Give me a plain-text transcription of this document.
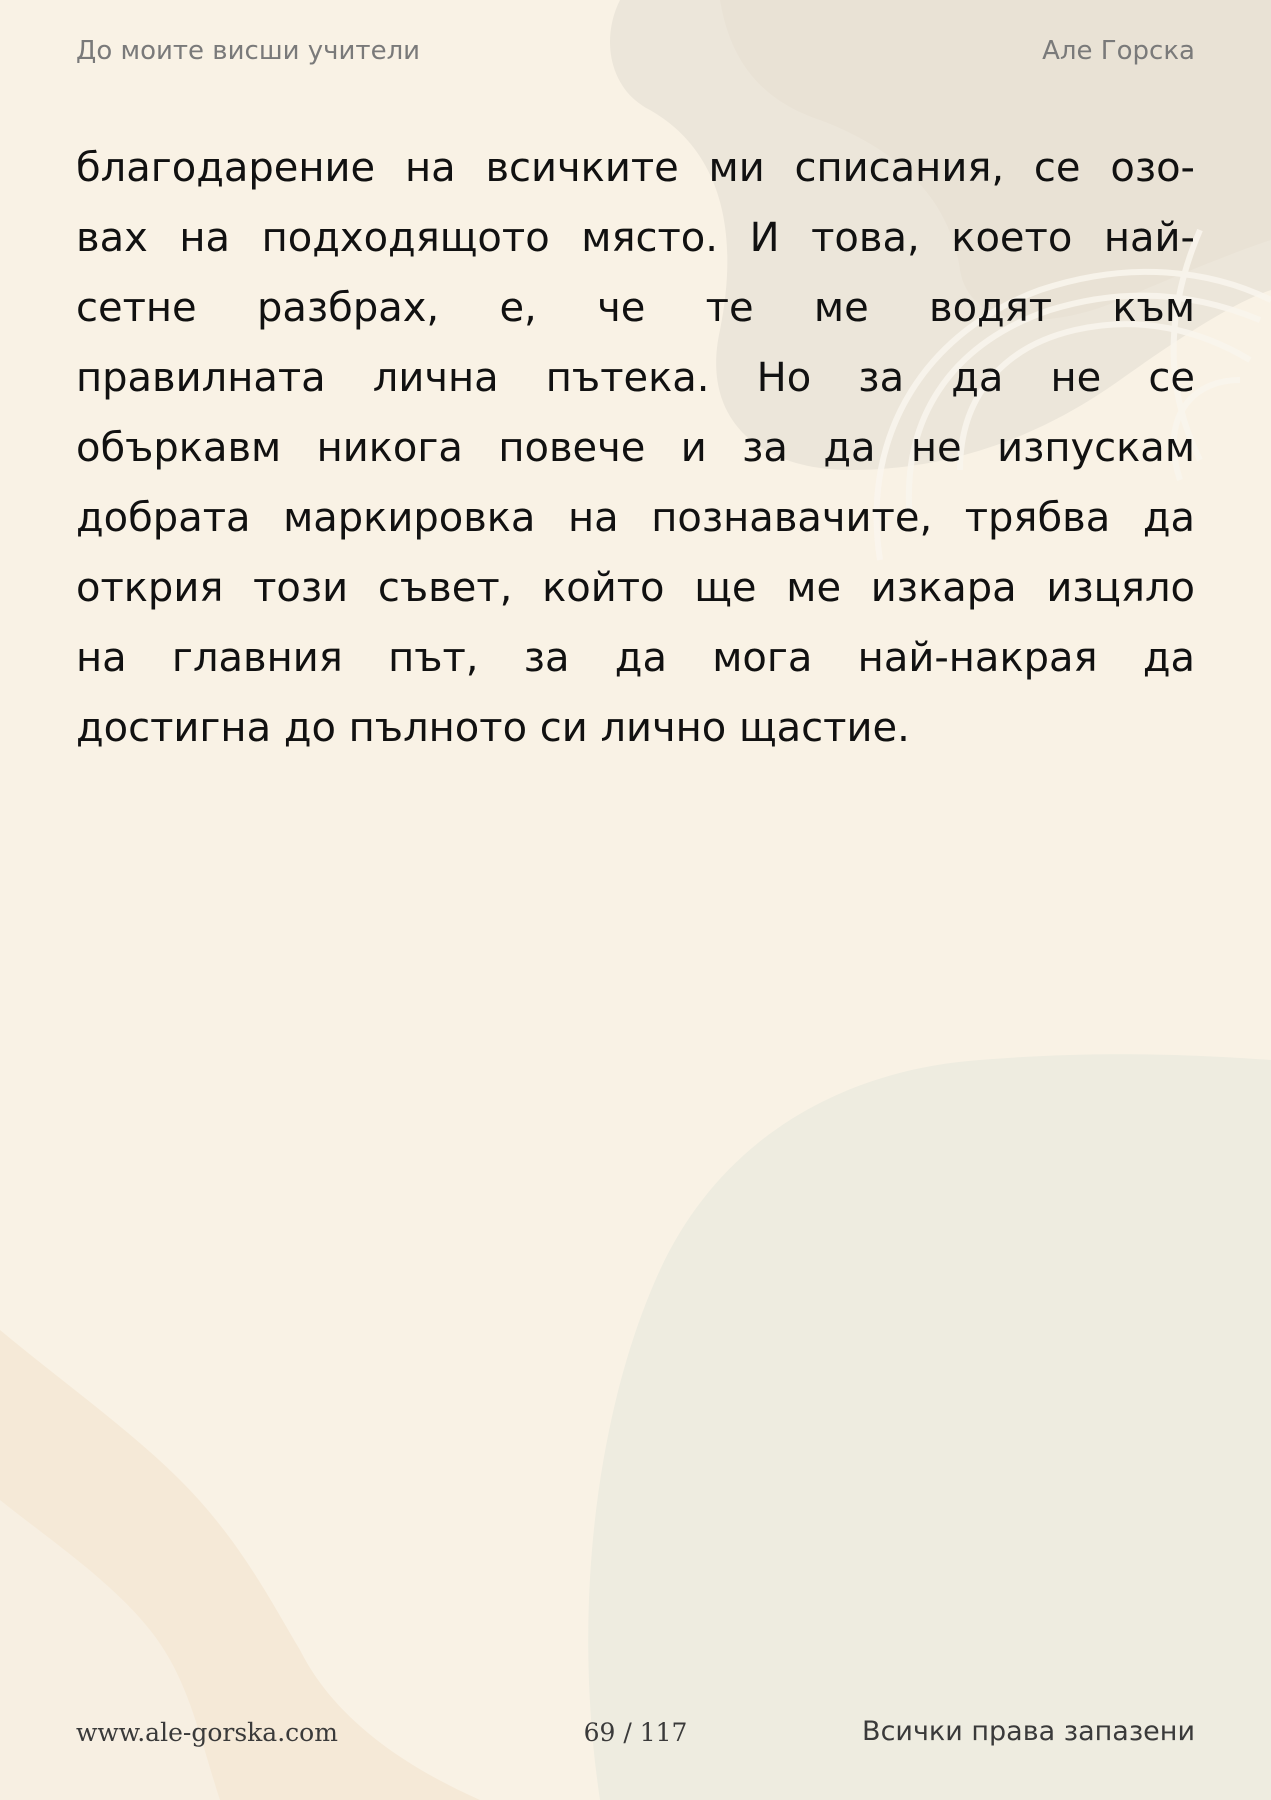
До моите висши учители	Але Горска
благодарение на всичките ми списания, се озо-
вах на подходящото място. И това, което най-
сетне разбрах, е, че те ме водят към
правилната лична пътека. Но за да не се
объркавм никога повече и за да не изпускам
добрата маркировка на познавачите, трябва да
открия този съвет, който ще ме изкара изцяло
на главния път, за да мога най-накрая да
достигна до пълното си лично щастие.
www.ale-gorska.com	69 / 117	Всички права запазени
